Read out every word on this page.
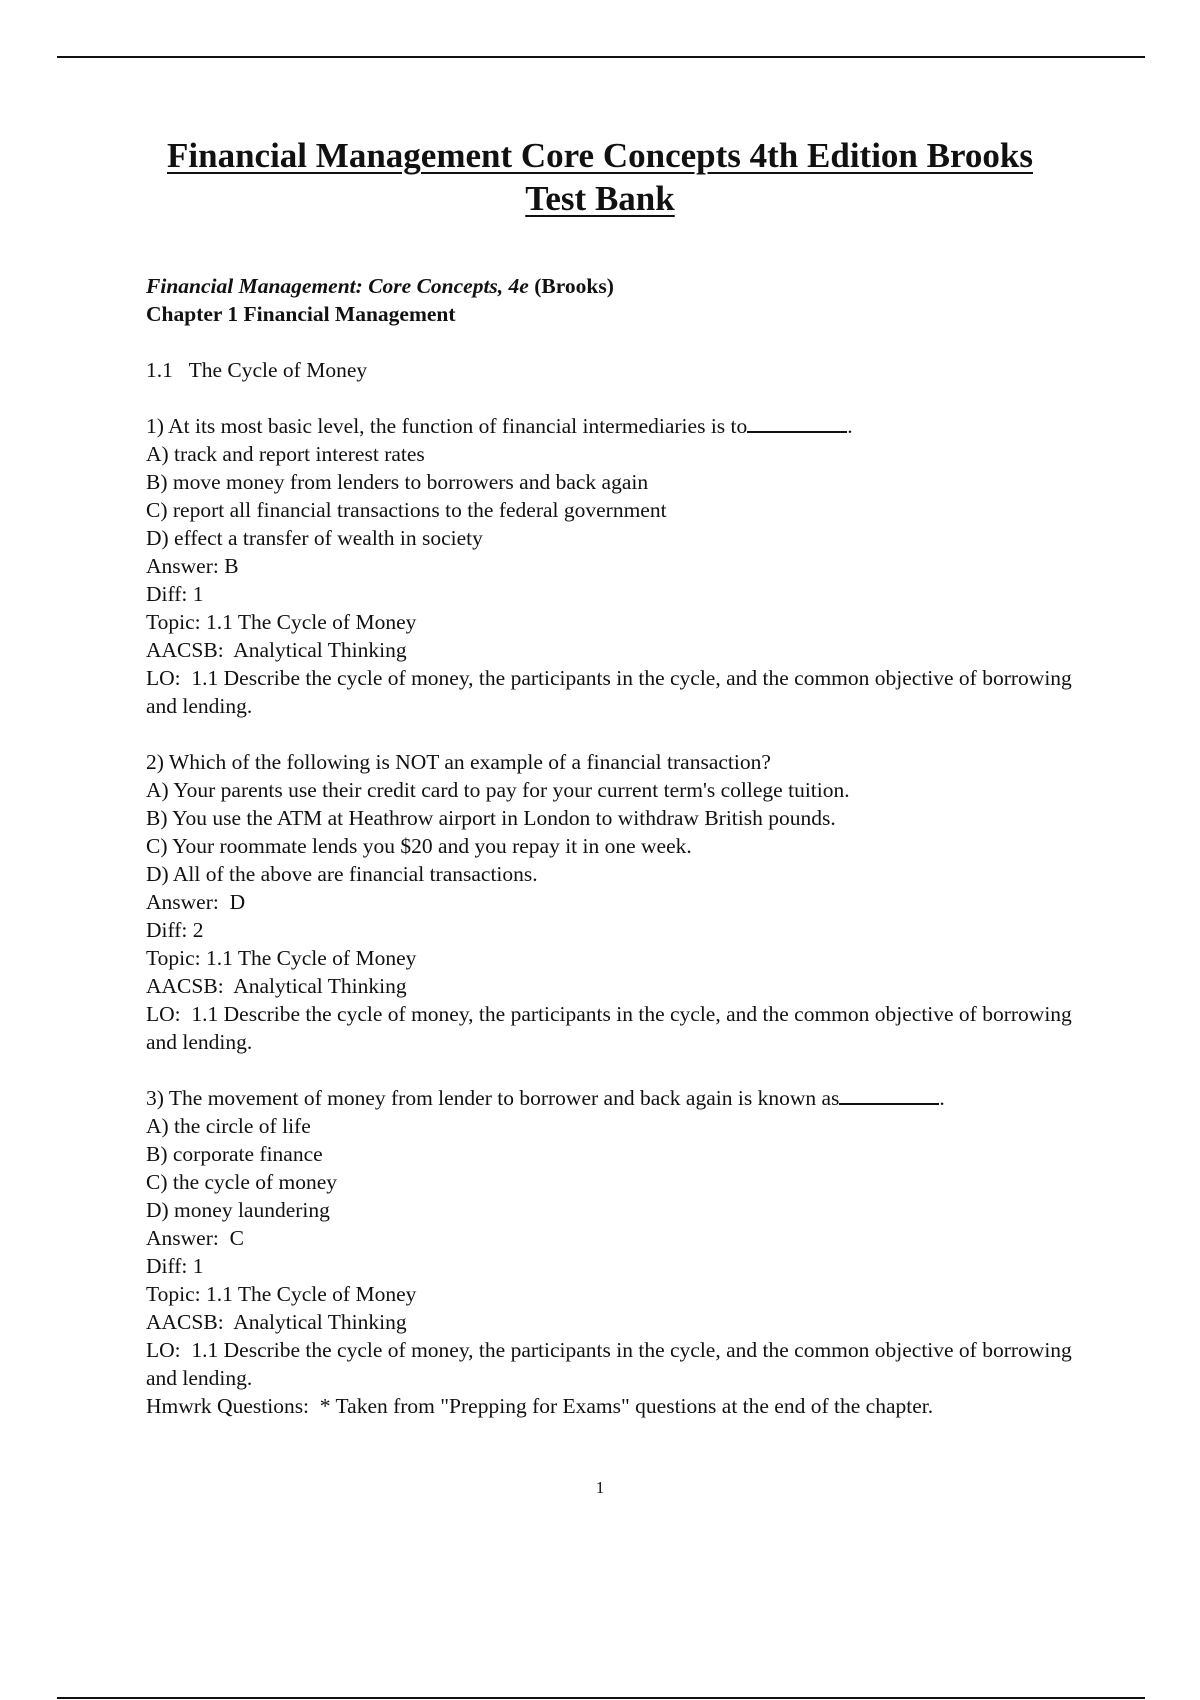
Financial Management Core Concepts 4th Edition Brooks
Test Bank
Financial Management: Core Concepts, 4e (Brooks)
Chapter 1 Financial Management
1.1   The Cycle of Money
1) At its most basic level, the function of financial intermediaries is to	.
A) track and report interest rates
B) move money from lenders to borrowers and back again
C) report all financial transactions to the federal government
D) effect a transfer of wealth in society
Answer: B
Diff: 1
Topic: 1.1 The Cycle of Money
AACSB:  Analytical Thinking
LO:  1.1 Describe the cycle of money, the participants in the cycle, and the common objective of borrowing and lending.
2) Which of the following is NOT an example of a financial transaction?
A) Your parents use their credit card to pay for your current term's college tuition.
B) You use the ATM at Heathrow airport in London to withdraw British pounds.
C) Your roommate lends you $20 and you repay it in one week.
D) All of the above are financial transactions.
Answer:  D
Diff: 2
Topic: 1.1 The Cycle of Money
AACSB:  Analytical Thinking
LO:  1.1 Describe the cycle of money, the participants in the cycle, and the common objective of borrowing and lending.
3) The movement of money from lender to borrower and back again is known as	.
A) the circle of life
B) corporate finance
C) the cycle of money
D) money laundering
Answer:  C
Diff: 1
Topic: 1.1 The Cycle of Money
AACSB:  Analytical Thinking
LO:  1.1 Describe the cycle of money, the participants in the cycle, and the common objective of borrowing and lending.
Hmwrk Questions:  * Taken from "Prepping for Exams" questions at the end of the chapter.
1
